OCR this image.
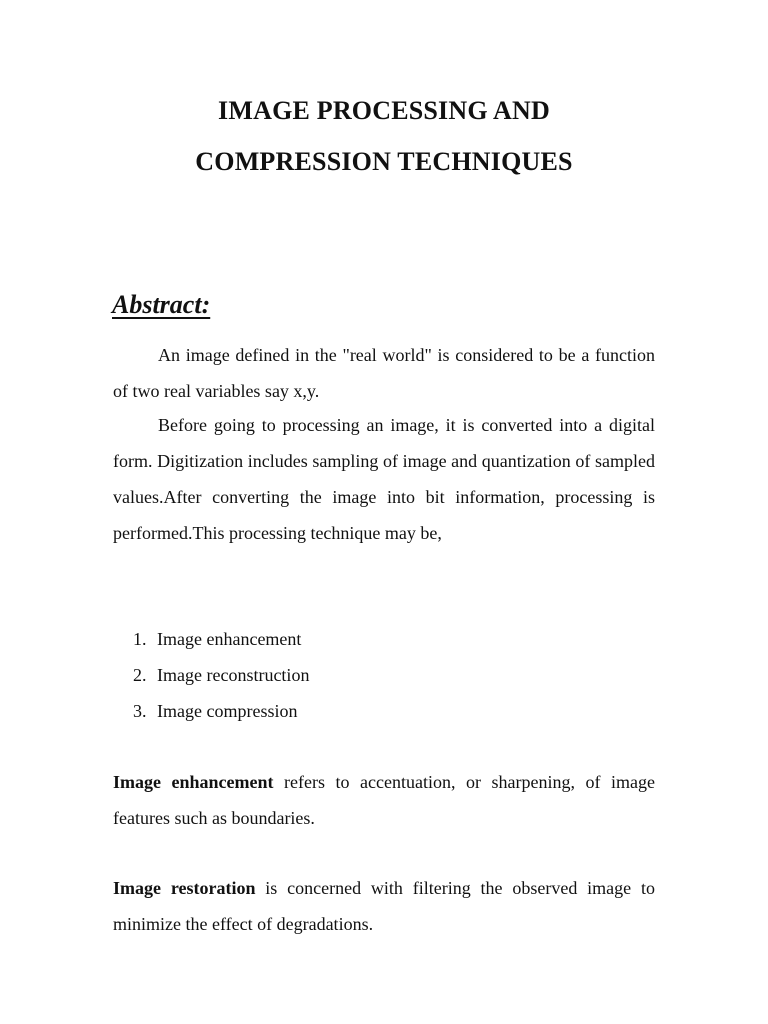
IMAGE PROCESSING AND
COMPRESSION TECHNIQUES
Abstract:

An image defined in the "real world" is considered to be a function of two real variables say x,y.

Before going to processing an image, it is converted into a digital form. Digitization includes sampling of image and quantization of sampled values.After converting the image into bit information, processing is performed.This processing technique may be,

1. Image enhancement
2. Image reconstruction
3. Image compression

Image enhancement refers to accentuation, or sharpening, of image features such as boundaries.

Image restoration is concerned with filtering the observed image to minimize the effect of degradations.
